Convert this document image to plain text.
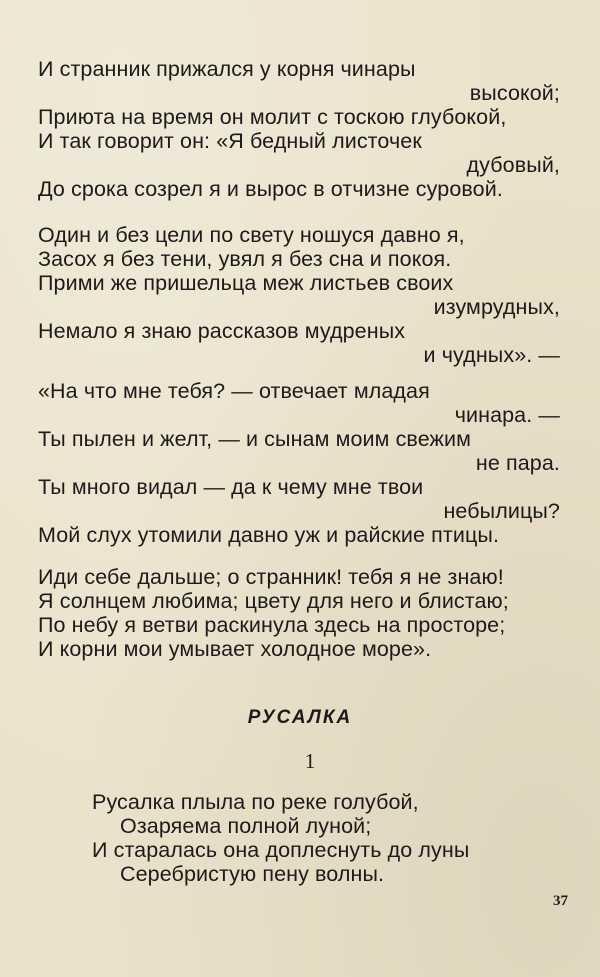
И странник прижался у корня чинары
высокой;
Приюта на время он молит с тоскою глубокой,
И так говорит он: «Я бедный листочек
дубовый,
До срока созрел я и вырос в отчизне суровой.
Один и без цели по свету ношуся давно я,
Засох я без тени, увял я без сна и покоя.
Прими же пришельца меж листьев своих
изумрудных,
Немало я знаю рассказов мудреных
и чудных». —
«На что мне тебя? — отвечает младая
чинара. —
Ты пылен и желт, — и сынам моим свежим
не пара.
Ты много видал — да к чему мне твои
небылицы?
Мой слух утомили давно уж и райские птицы.
Иди себе дальше; о странник! тебя я не знаю!
Я солнцем любима; цвету для него и блистаю;
По небу я ветви раскинула здесь на просторе;
И корни мои умывает холодное море».
РУСАЛКА
1
Русалка плыла по реке голубой,
Озаряема полной луной;
И старалась она доплеснуть до луны
Серебристую пену волны.
37
